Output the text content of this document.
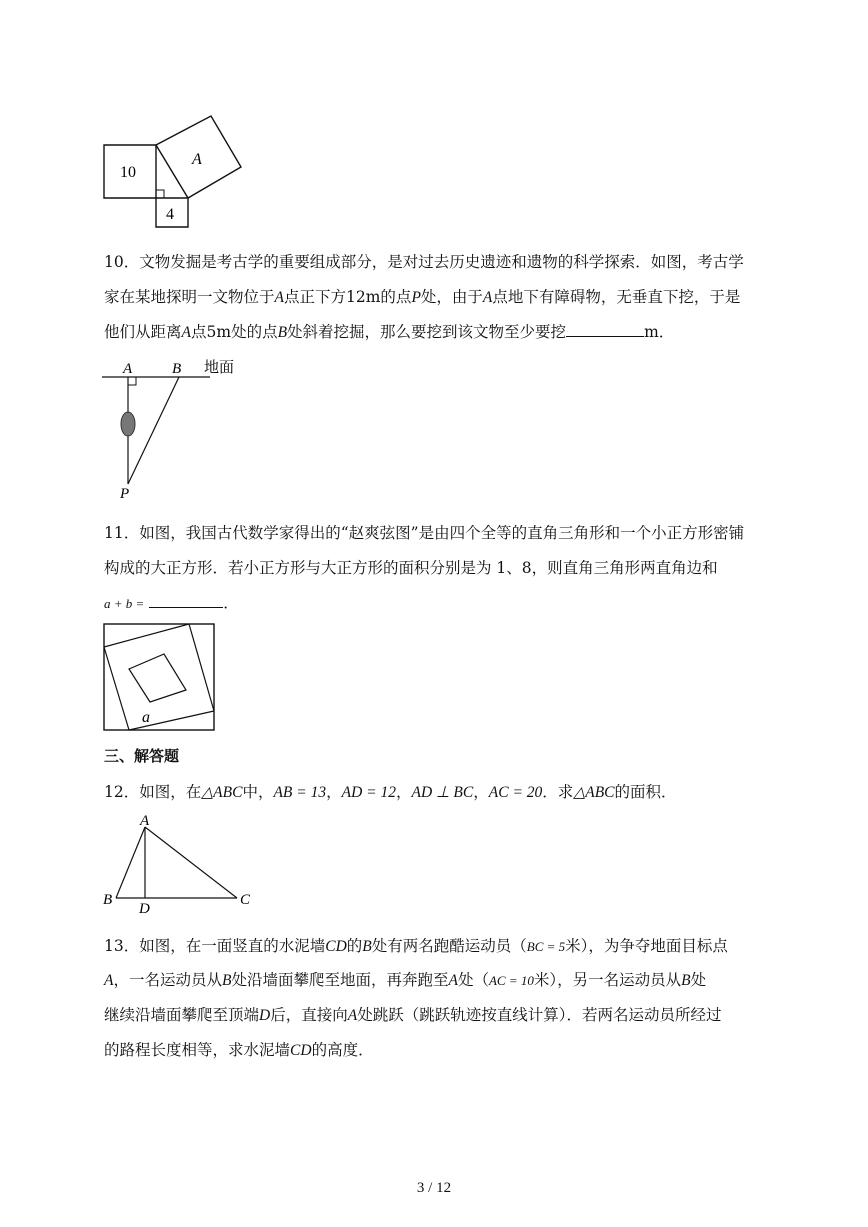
10
A
4
10．文物发掘是考古学的重要组成部分，是对过去历史遗迹和遗物的科学探索．如图，考古学
家在某地探明一文物位于A点正下方12m的点P处，由于A点地下有障碍物，无垂直下挖，于是
他们从距离A点5m处的点B处斜着挖掘，那么要挖到该文物至少要挖	m．
A	B
P
地面
11．如图，我国古代数学家得出的“赵爽弦图”是由四个全等的直角三角形和一个小正方形密铺
构成的大正方形．若小正方形与大正方形的面积分别是为 1、8，则直角三角形两直角边和
a + b =	．
a
三、解答题
12．如图，在△ABC中，AB = 13，AD = 12，AD ⊥ BC，AC = 20．求△ABC的面积．
A
B	C
D
13．如图，在一面竖直的水泥墙CD的B处有两名跑酷运动员（BC = 5米），为争夺地面目标点
A，一名运动员从B处沿墙面攀爬至地面，再奔跑至A处（AC = 10米），另一名运动员从B处
继续沿墙面攀爬至顶端D后，直接向A处跳跃（跳跃轨迹按直线计算）．若两名运动员所经过
的路程长度相等，求水泥墙CD的高度．
3 / 12
